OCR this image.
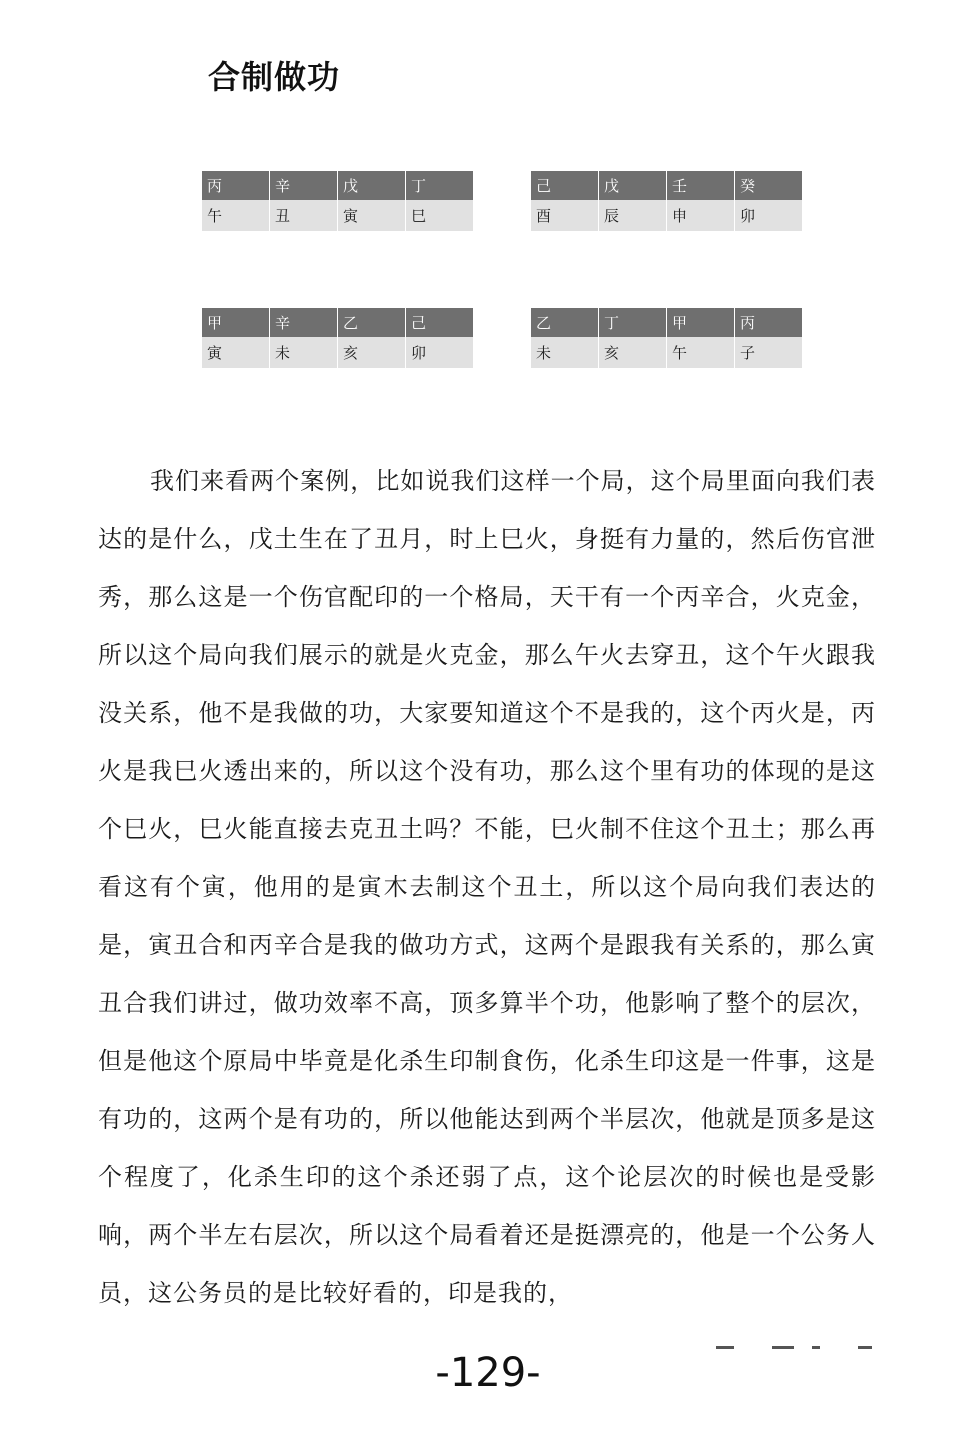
合制做功
丙	辛	戊	丁
午	丑	寅	巳
己	戊	壬	癸
酉	辰	申	卯
甲	辛	乙	己
寅	未	亥	卯
乙	丁	甲	丙
未	亥	午	子

我们来看两个案例，比如说我们这样一个局，这个局里面向我们表达的是什么，戊土生在了丑月，时上巳火，身挺有力量的，然后伤官泄秀，那么这是一个伤官配印的一个格局，天干有一个丙辛合，火克金，所以这个局向我们展示的就是火克金，那么午火去穿丑，这个午火跟我没关系，他不是我做的功，大家要知道这个不是我的，这个丙火是，丙火是我巳火透出来的，所以这个没有功，那么这个里有功的体现的是这个巳火，巳火能直接去克丑土吗？不能，巳火制不住这个丑土；那么再看这有个寅，他用的是寅木去制这个丑土，所以这个局向我们表达的是，寅丑合和丙辛合是我的做功方式，这两个是跟我有关系的，那么寅丑合我们讲过，做功效率不高，顶多算半个功，他影响了整个的层次，但是他这个原局中毕竟是化杀生印制食伤，化杀生印这是一件事，这是有功的，这两个是有功的，所以他能达到两个半层次，他就是顶多是这个程度了，化杀生印的这个杀还弱了点，这个论层次的时候也是受影响，两个半左右层次，所以这个局看着还是挺漂亮的，他是一个公务人员，这公务员的是比较好看的，印是我的，

-129-
